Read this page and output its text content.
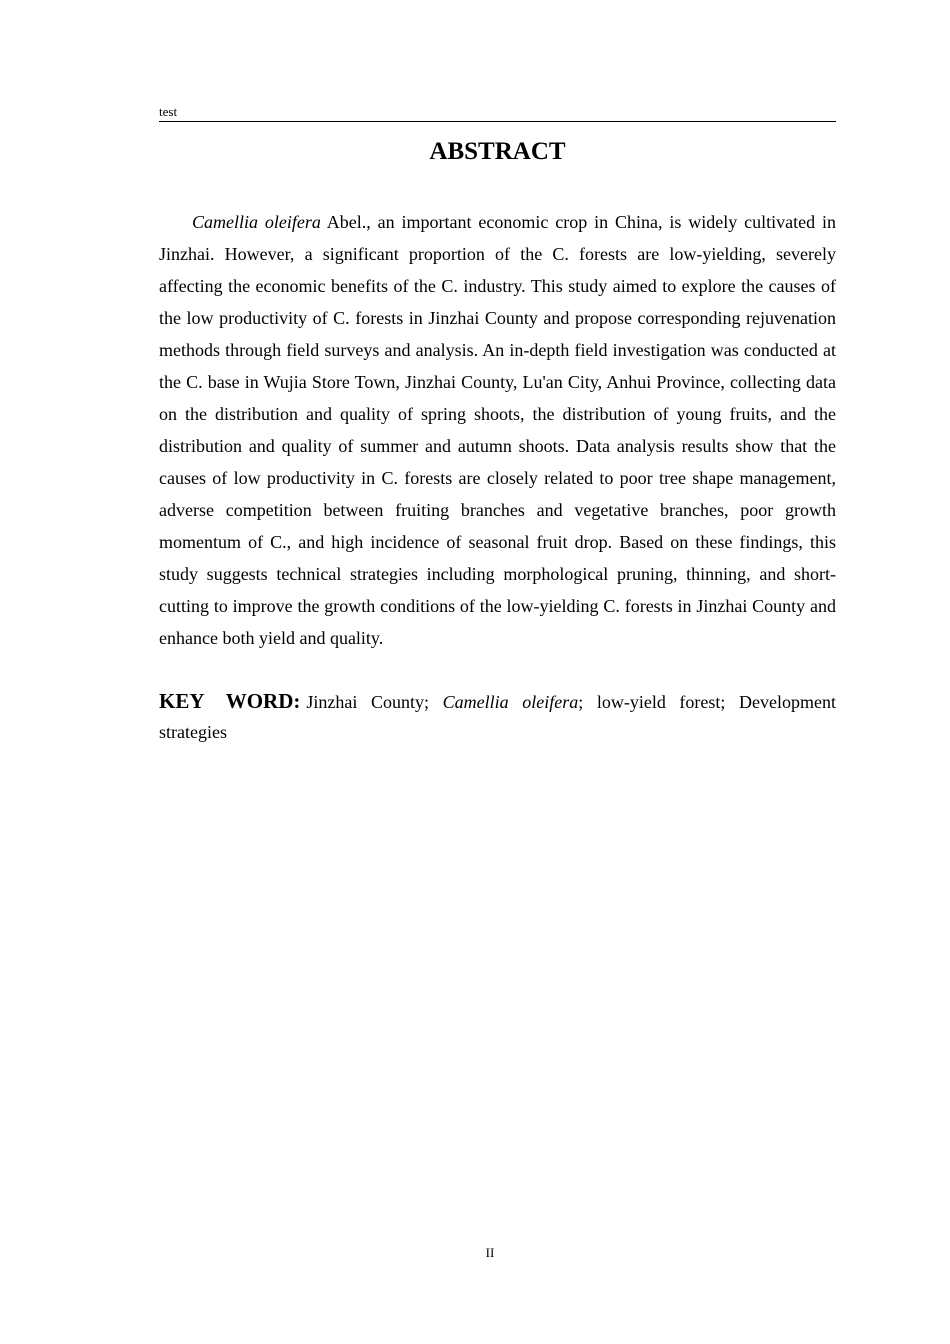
test
ABSTRACT

Camellia oleifera Abel., an important economic crop in China, is widely cultivated in Jinzhai. However, a significant proportion of the C. forests are low-yielding, severely affecting the economic benefits of the C. industry. This study aimed to explore the causes of the low productivity of C. forests in Jinzhai County and propose corresponding rejuvenation methods through field surveys and analysis. An in-depth field investigation was conducted at the C. base in Wujia Store Town, Jinzhai County, Lu'an City, Anhui Province, collecting data on the distribution and quality of spring shoots, the distribution of young fruits, and the distribution and quality of summer and autumn shoots. Data analysis results show that the causes of low productivity in C. forests are closely related to poor tree shape management, adverse competition between fruiting branches and vegetative branches, poor growth momentum of C., and high incidence of seasonal fruit drop. Based on these findings, this study suggests technical strategies including morphological pruning, thinning, and short-cutting to improve the growth conditions of the low-yielding C. forests in Jinzhai County and enhance both yield and quality.

KEY WORD: Jinzhai County; Camellia oleifera; low-yield forest; Development strategies

II
